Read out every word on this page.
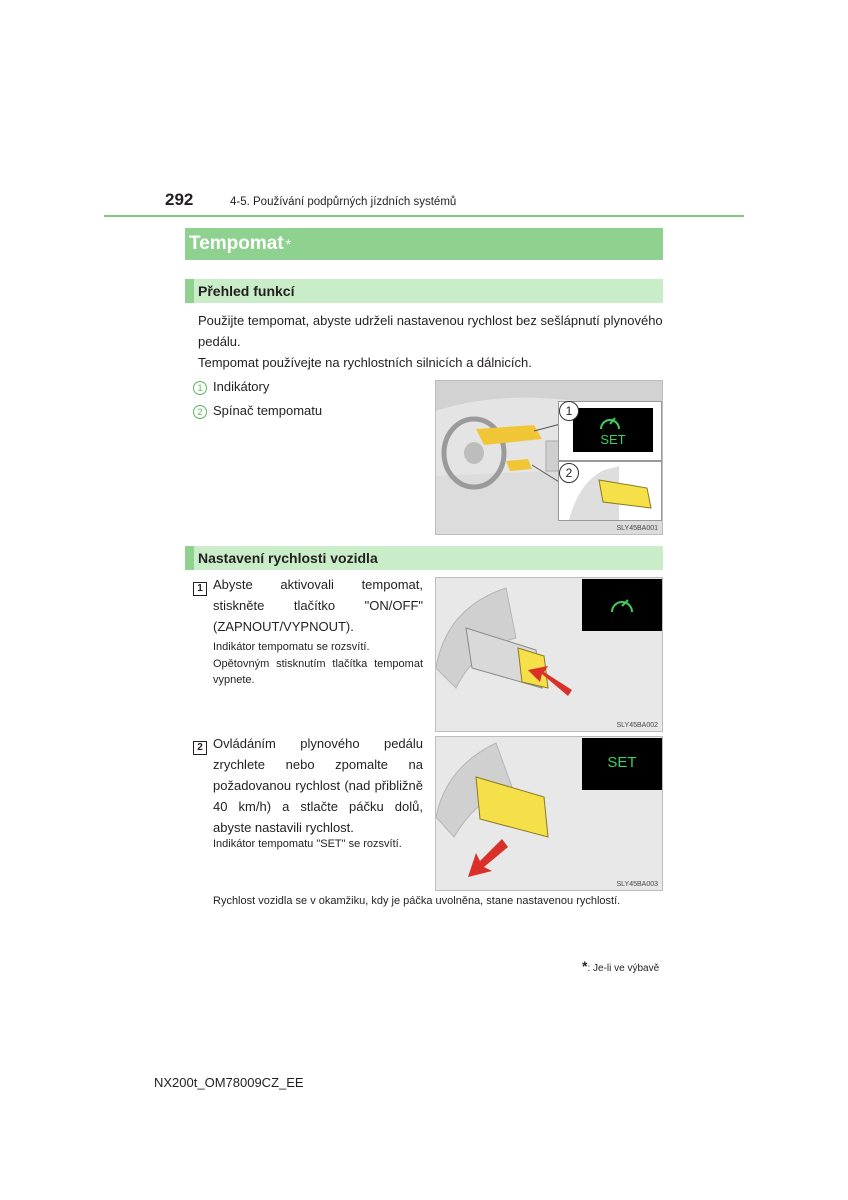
292	4-5. Používání podpůrných jízdních systémů
Tempomat *
Přehled funkcí
Použijte tempomat, abyste udrželi nastavenou rychlost bez sešlápnutí plynového pedálu.
Tempomat používejte na rychlostních silnicích a dálnicích.
1 Indikátory
2 Spínač tempomatu
SET
1
2
SLY45BA001
Nastavení rychlosti vozidla
1 Abyste aktivovali tempomat, stiskněte tlačítko "ON/OFF" (ZAPNOUT/VYPNOUT).
Indikátor tempomatu se rozsvítí.
Opětovným stisknutím tlačítka tempomat vypnete.
SLY45BA002
2 Ovládáním plynového pedálu zrychlete nebo zpomalte na požadovanou rychlost (nad přibližně 40 km/h) a stlačte páčku dolů, abyste nastavili rychlost.
Indikátor tempomatu "SET" se rozsvítí.
SET
SLY45BA003
Rychlost vozidla se v okamžiku, kdy je páčka uvolněna, stane nastavenou rychlostí.
*: Je-li ve výbavě
NX200t_OM78009CZ_EE
